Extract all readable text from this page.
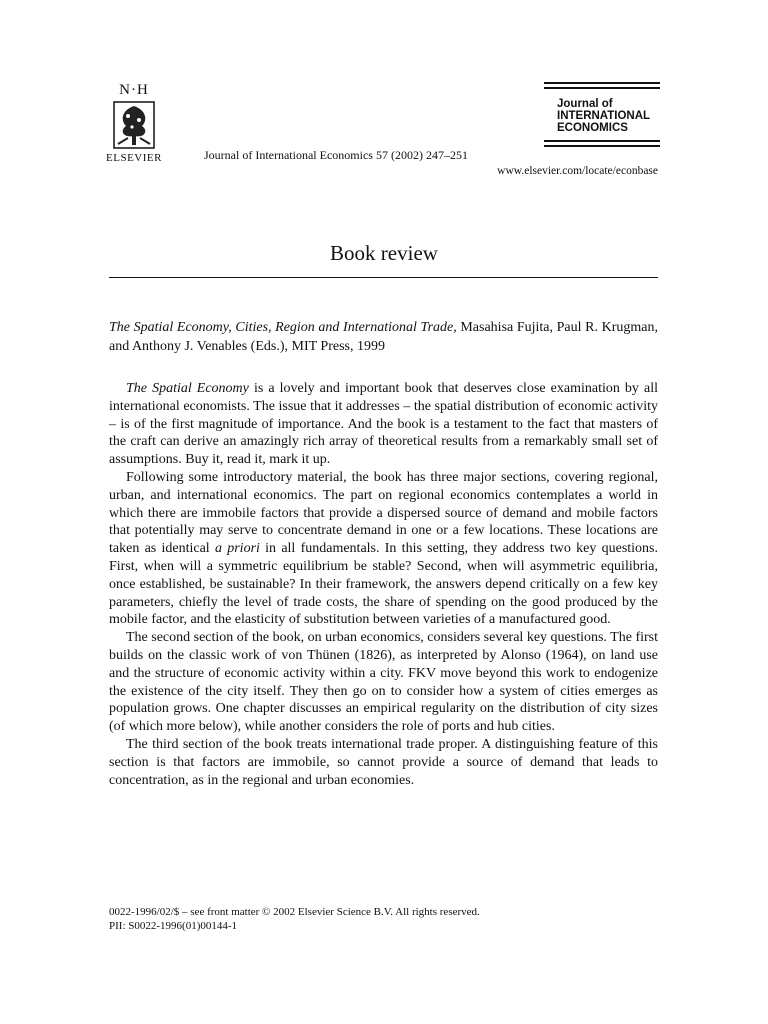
N·H
ELSEVIER	Journal of International Economics 57 (2002) 247–251
Journal of
INTERNATIONAL
ECONOMICS
www.elsevier.com/locate/econbase
Book review
The Spatial Economy, Cities, Region and International Trade, Masahisa Fujita, Paul R. Krugman, and Anthony J. Venables (Eds.), MIT Press, 1999

The Spatial Economy is a lovely and important book that deserves close examination by all international economists. The issue that it addresses – the spatial distribution of economic activity – is of the first magnitude of importance. And the book is a testament to the fact that masters of the craft can derive an amazingly rich array of theoretical results from a remarkably small set of assumptions. Buy it, read it, mark it up.

Following some introductory material, the book has three major sections, covering regional, urban, and international economics. The part on regional economics contemplates a world in which there are immobile factors that provide a dispersed source of demand and mobile factors that potentially may serve to concentrate demand in one or a few locations. These locations are taken as identical a priori in all fundamentals. In this setting, they address two key questions. First, when will a symmetric equilibrium be stable? Second, when will asymmetric equilibria, once established, be sustainable? In their framework, the answers depend critically on a few key parameters, chiefly the level of trade costs, the share of spending on the good produced by the mobile factor, and the elasticity of substitution between varieties of a manufactured good.

The second section of the book, on urban economics, considers several key questions. The first builds on the classic work of von Thünen (1826), as interpreted by Alonso (1964), on land use and the structure of economic activity within a city. FKV move beyond this work to endogenize the existence of the city itself. They then go on to consider how a system of cities emerges as population grows. One chapter discusses an empirical regularity on the distribution of city sizes (of which more below), while another considers the role of ports and hub cities.

The third section of the book treats international trade proper. A distinguishing feature of this section is that factors are immobile, so cannot provide a source of demand that leads to concentration, as in the regional and urban economies.

0022-1996/02/$ – see front matter © 2002 Elsevier Science B.V. All rights reserved.
PII: S0022-1996(01)00144-1
